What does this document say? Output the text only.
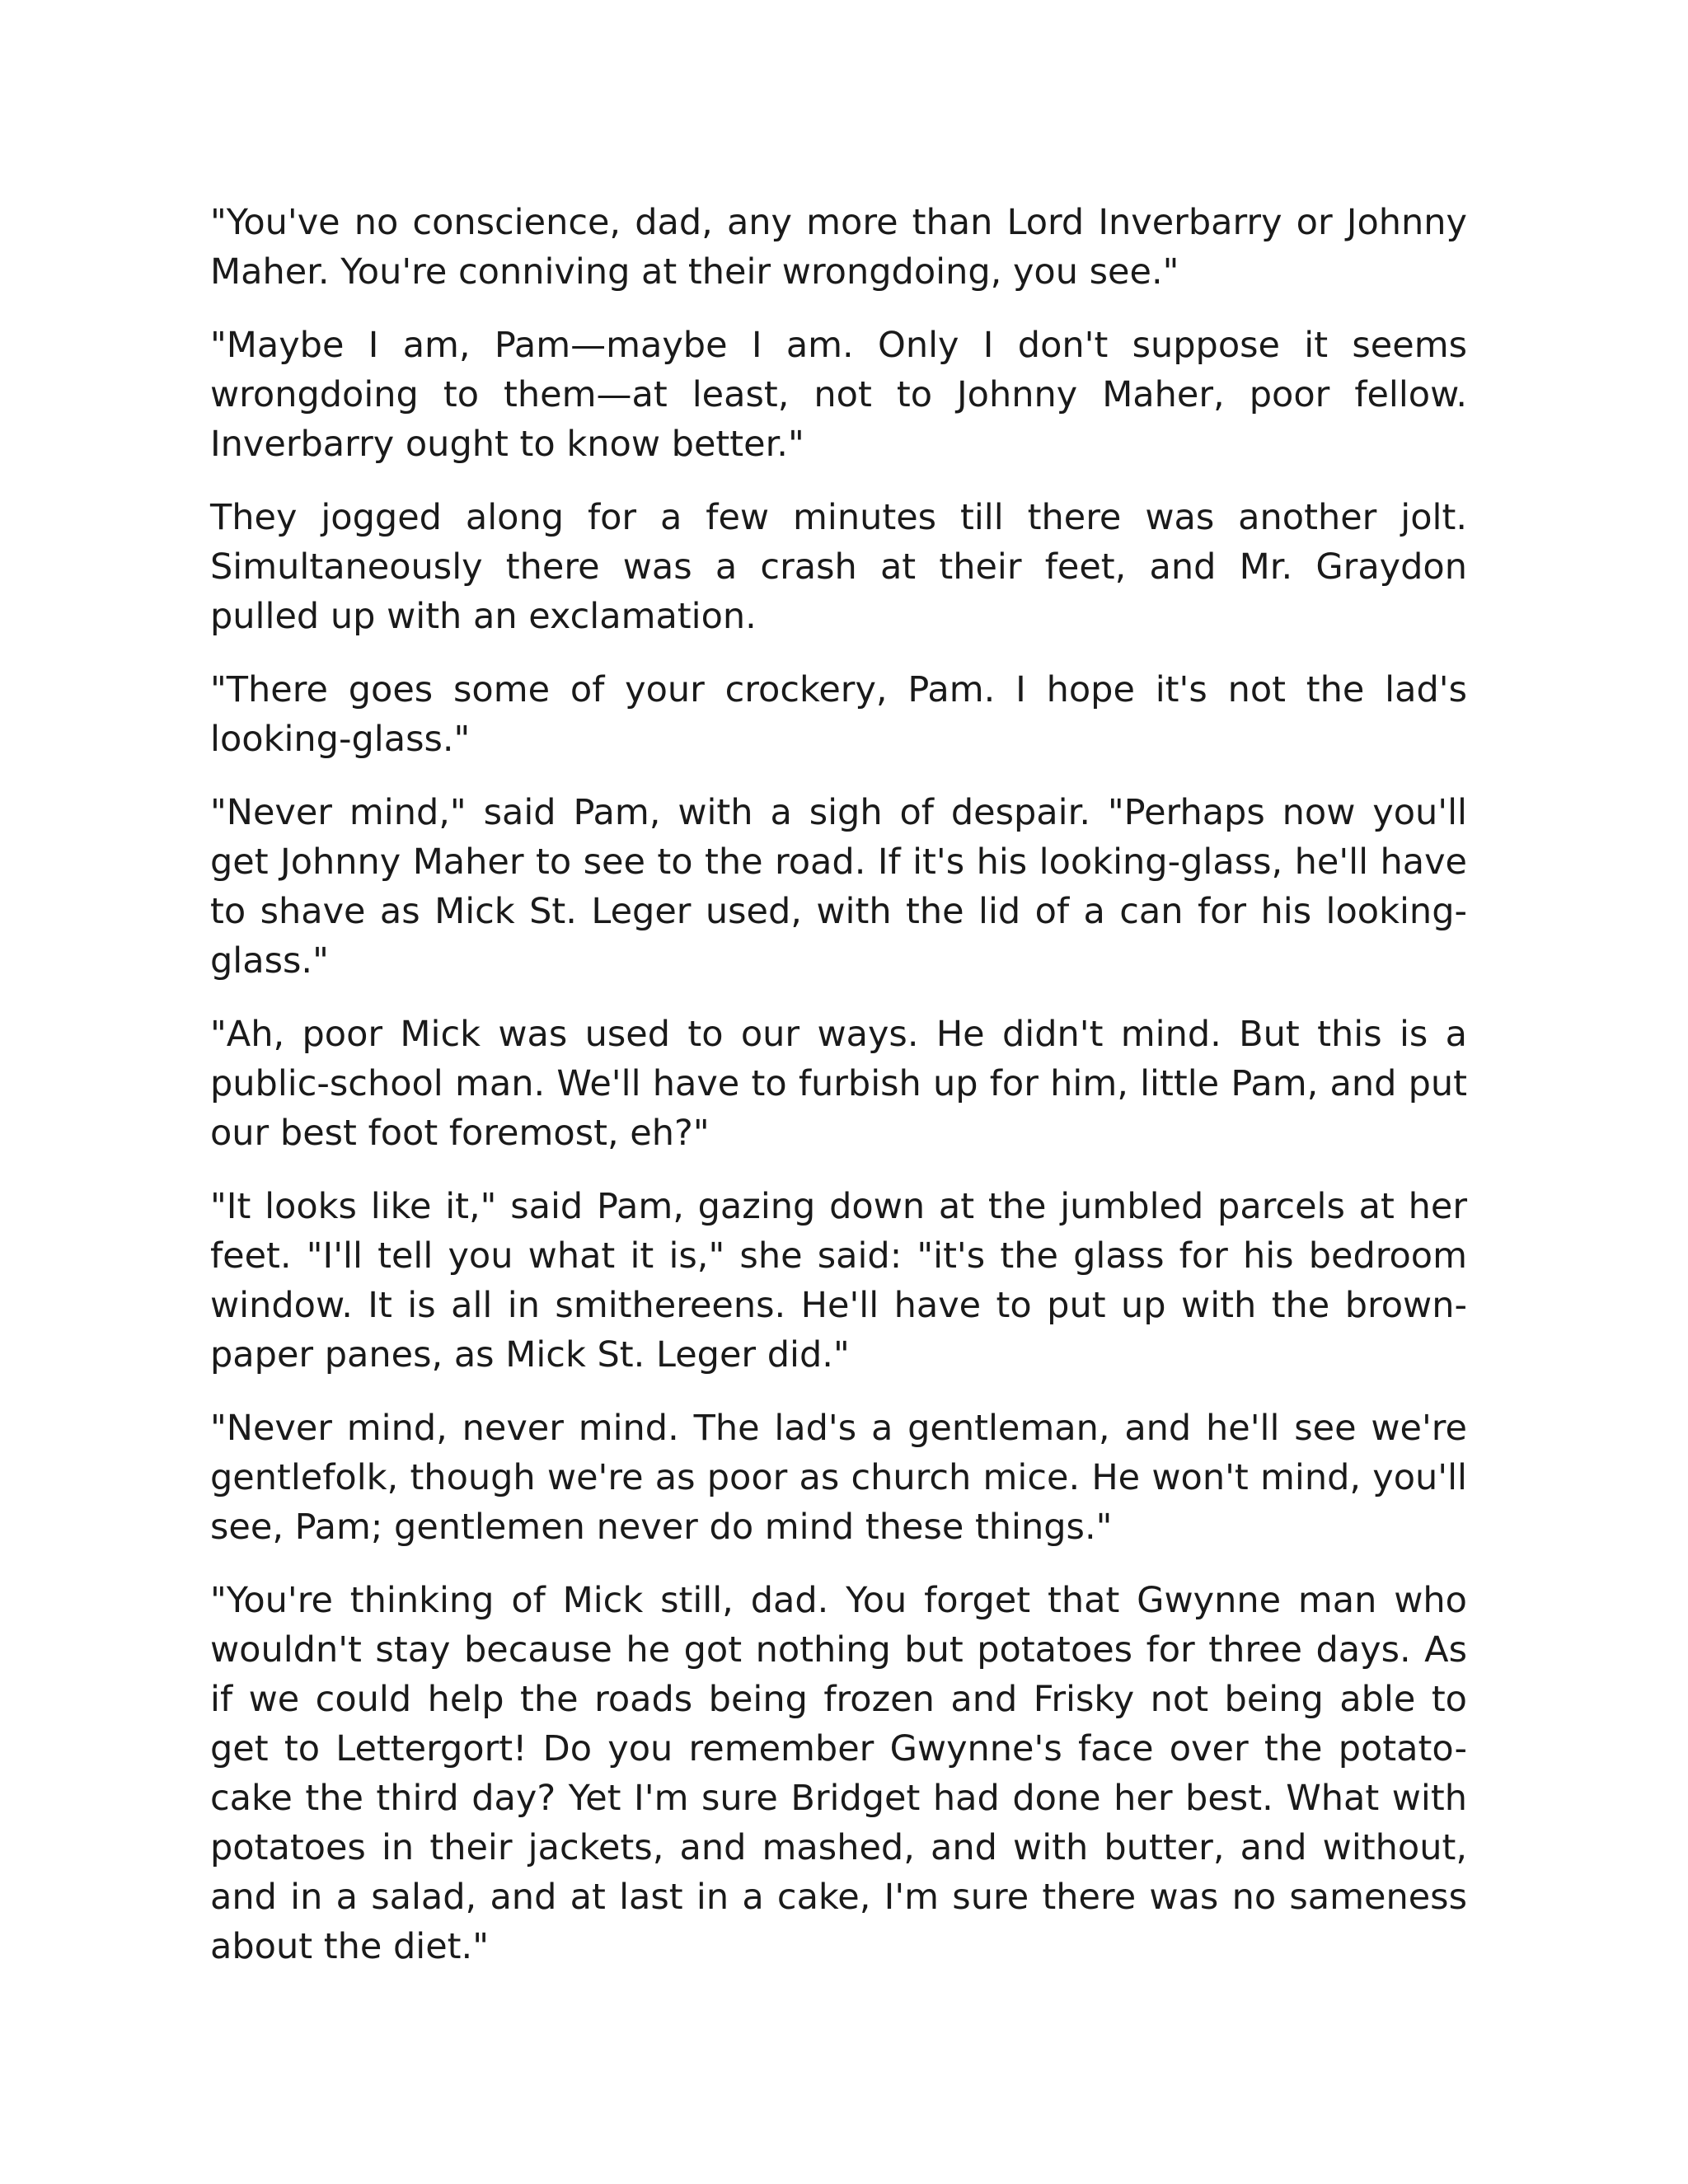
"You've no conscience, dad, any more than Lord Inverbarry or Johnny Maher. You're conniving at their wrongdoing, you see."

"Maybe I am, Pam—maybe I am. Only I don't suppose it seems wrongdoing to them—at least, not to Johnny Maher, poor fellow. Inverbarry ought to know better."

They jogged along for a few minutes till there was another jolt. Simultaneously there was a crash at their feet, and Mr. Graydon pulled up with an exclamation.

"There goes some of your crockery, Pam. I hope it's not the lad's looking-glass."

"Never mind," said Pam, with a sigh of despair. "Perhaps now you'll get Johnny Maher to see to the road. If it's his looking-glass, he'll have to shave as Mick St. Leger used, with the lid of a can for his looking-glass."

"Ah, poor Mick was used to our ways. He didn't mind. But this is a public-school man. We'll have to furbish up for him, little Pam, and put our best foot foremost, eh?"

"It looks like it," said Pam, gazing down at the jumbled parcels at her feet. "I'll tell you what it is," she said: "it's the glass for his bedroom window. It is all in smithereens. He'll have to put up with the brown-paper panes, as Mick St. Leger did."

"Never mind, never mind. The lad's a gentleman, and he'll see we're gentlefolk, though we're as poor as church mice. He won't mind, you'll see, Pam; gentlemen never do mind these things."

"You're thinking of Mick still, dad. You forget that Gwynne man who wouldn't stay because he got nothing but potatoes for three days. As if we could help the roads being frozen and Frisky not being able to get to Lettergort! Do you remember Gwynne's face over the potato-cake the third day? Yet I'm sure Bridget had done her best. What with potatoes in their jackets, and mashed, and with butter, and without, and in a salad, and at last in a cake, I'm sure there was no sameness about the diet."
